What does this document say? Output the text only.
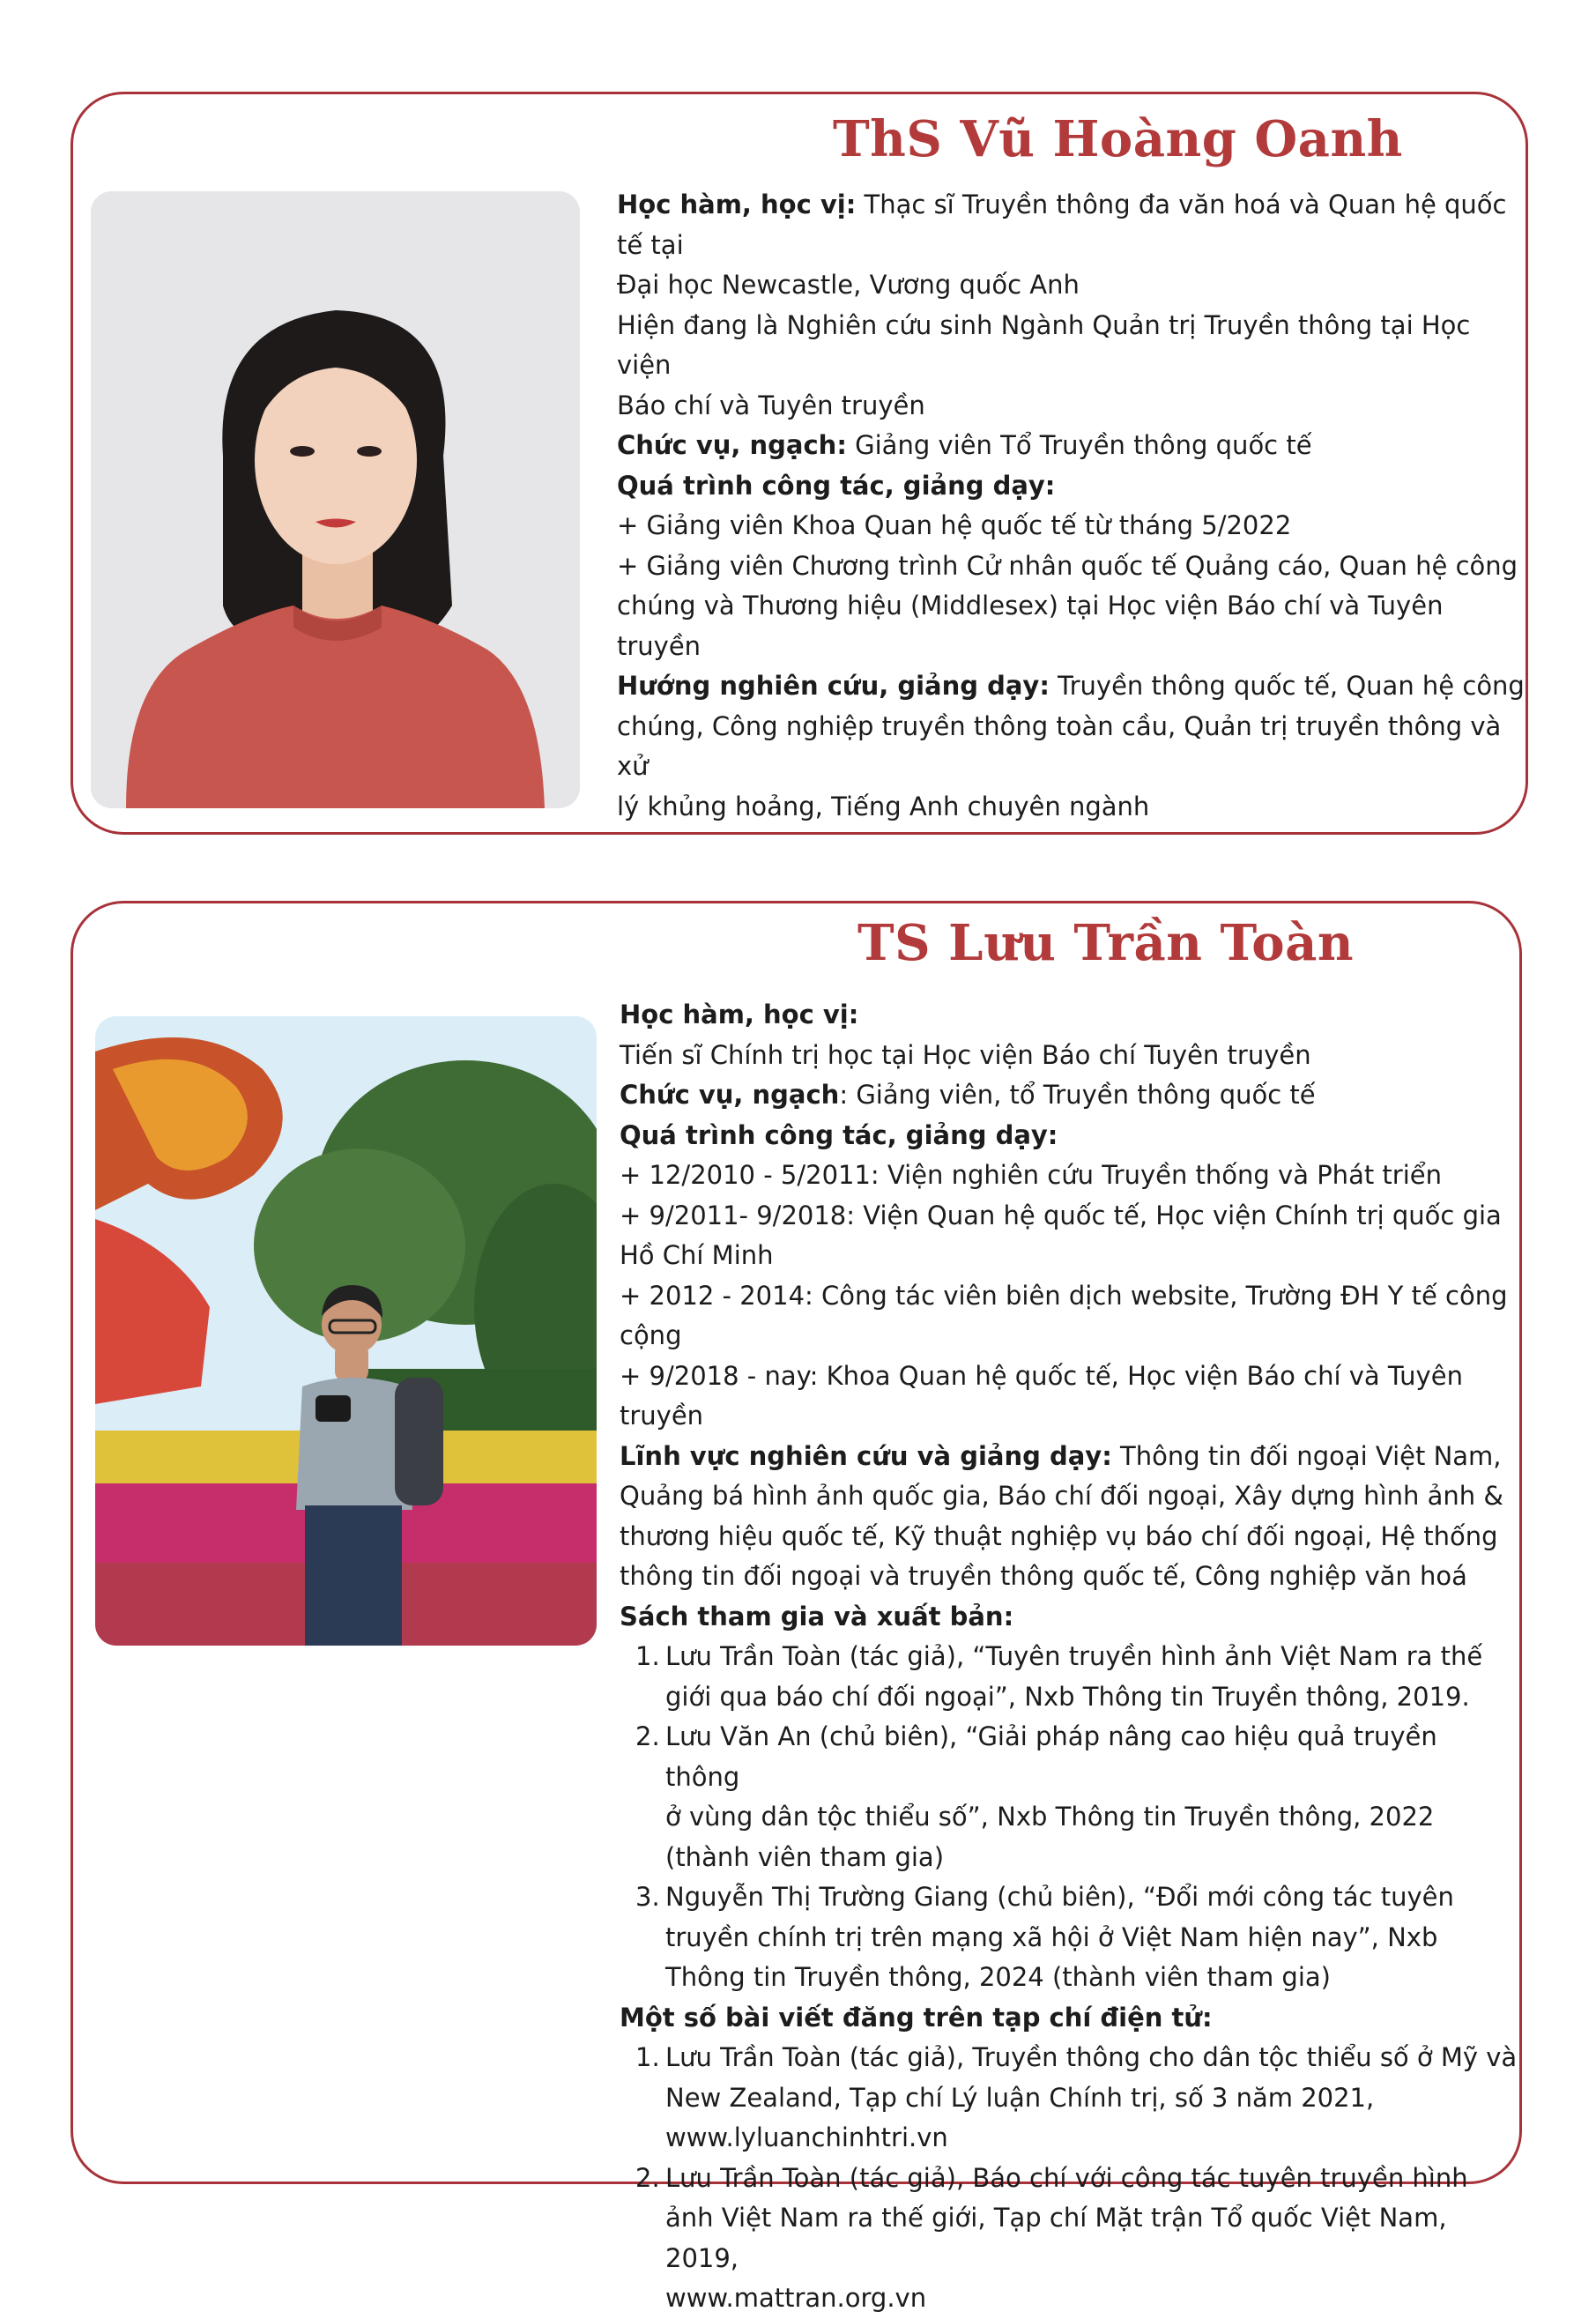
ThS Vũ Hoàng Oanh
Học hàm, học vị: Thạc sĩ Truyền thông đa văn hoá và Quan hệ quốc tế tại
Đại học Newcastle, Vương quốc Anh
Hiện đang là Nghiên cứu sinh Ngành Quản trị Truyền thông tại Học viện
Báo chí và Tuyên truyền
Chức vụ, ngạch: Giảng viên Tổ Truyền thông quốc tế
Quá trình công tác, giảng dạy:
+ Giảng viên Khoa Quan hệ quốc tế từ tháng 5/2022
+ Giảng viên Chương trình Cử nhân quốc tế Quảng cáo, Quan hệ công
chúng và Thương hiệu (Middlesex) tại Học viện Báo chí và Tuyên truyền
Hướng nghiên cứu, giảng dạy: Truyền thông quốc tế, Quan hệ công
chúng, Công nghiệp truyền thông toàn cầu, Quản trị truyền thông và xử
lý khủng hoảng, Tiếng Anh chuyên ngành
TS Lưu Trần Toàn
Học hàm, học vị:
Tiến sĩ Chính trị học tại Học viện Báo chí Tuyên truyền
Chức vụ, ngạch: Giảng viên, tổ Truyền thông quốc tế
Quá trình công tác, giảng dạy:
+ 12/2010 - 5/2011: Viện nghiên cứu Truyền thống và Phát triển
+ 9/2011- 9/2018: Viện Quan hệ quốc tế, Học viện Chính trị quốc gia
Hồ Chí Minh
+ 2012 - 2014: Công tác viên biên dịch website, Trường ĐH Y tế công cộng
+ 9/2018 - nay: Khoa Quan hệ quốc tế, Học viện Báo chí và Tuyên truyền
Lĩnh vực nghiên cứu và giảng dạy: Thông tin đối ngoại Việt Nam,
Quảng bá hình ảnh quốc gia, Báo chí đối ngoại, Xây dựng hình ảnh &
thương hiệu quốc tế, Kỹ thuật nghiệp vụ báo chí đối ngoại, Hệ thống
thông tin đối ngoại và truyền thông quốc tế, Công nghiệp văn hoá
Sách tham gia và xuất bản:
1. Lưu Trần Toàn (tác giả), “Tuyên truyền hình ảnh Việt Nam ra thế
giới qua báo chí đối ngoại”, Nxb Thông tin Truyền thông, 2019.
2. Lưu Văn An (chủ biên), “Giải pháp nâng cao hiệu quả truyền thông
ở vùng dân tộc thiểu số”, Nxb Thông tin Truyền thông, 2022
(thành viên tham gia)
3. Nguyễn Thị Trường Giang (chủ biên), “Đổi mới công tác tuyên
truyền chính trị trên mạng xã hội ở Việt Nam hiện nay”, Nxb
Thông tin Truyền thông, 2024 (thành viên tham gia)
Một số bài viết đăng trên tạp chí điện tử:
1. Lưu Trần Toàn (tác giả), Truyền thông cho dân tộc thiểu số ở Mỹ và
New Zealand, Tạp chí Lý luận Chính trị, số 3 năm 2021,
www.lyluanchinhtri.vn
2. Lưu Trần Toàn (tác giả), Báo chí với công tác tuyên truyền hình
ảnh Việt Nam ra thế giới, Tạp chí Mặt trận Tổ quốc Việt Nam, 2019,
www.mattran.org.vn
